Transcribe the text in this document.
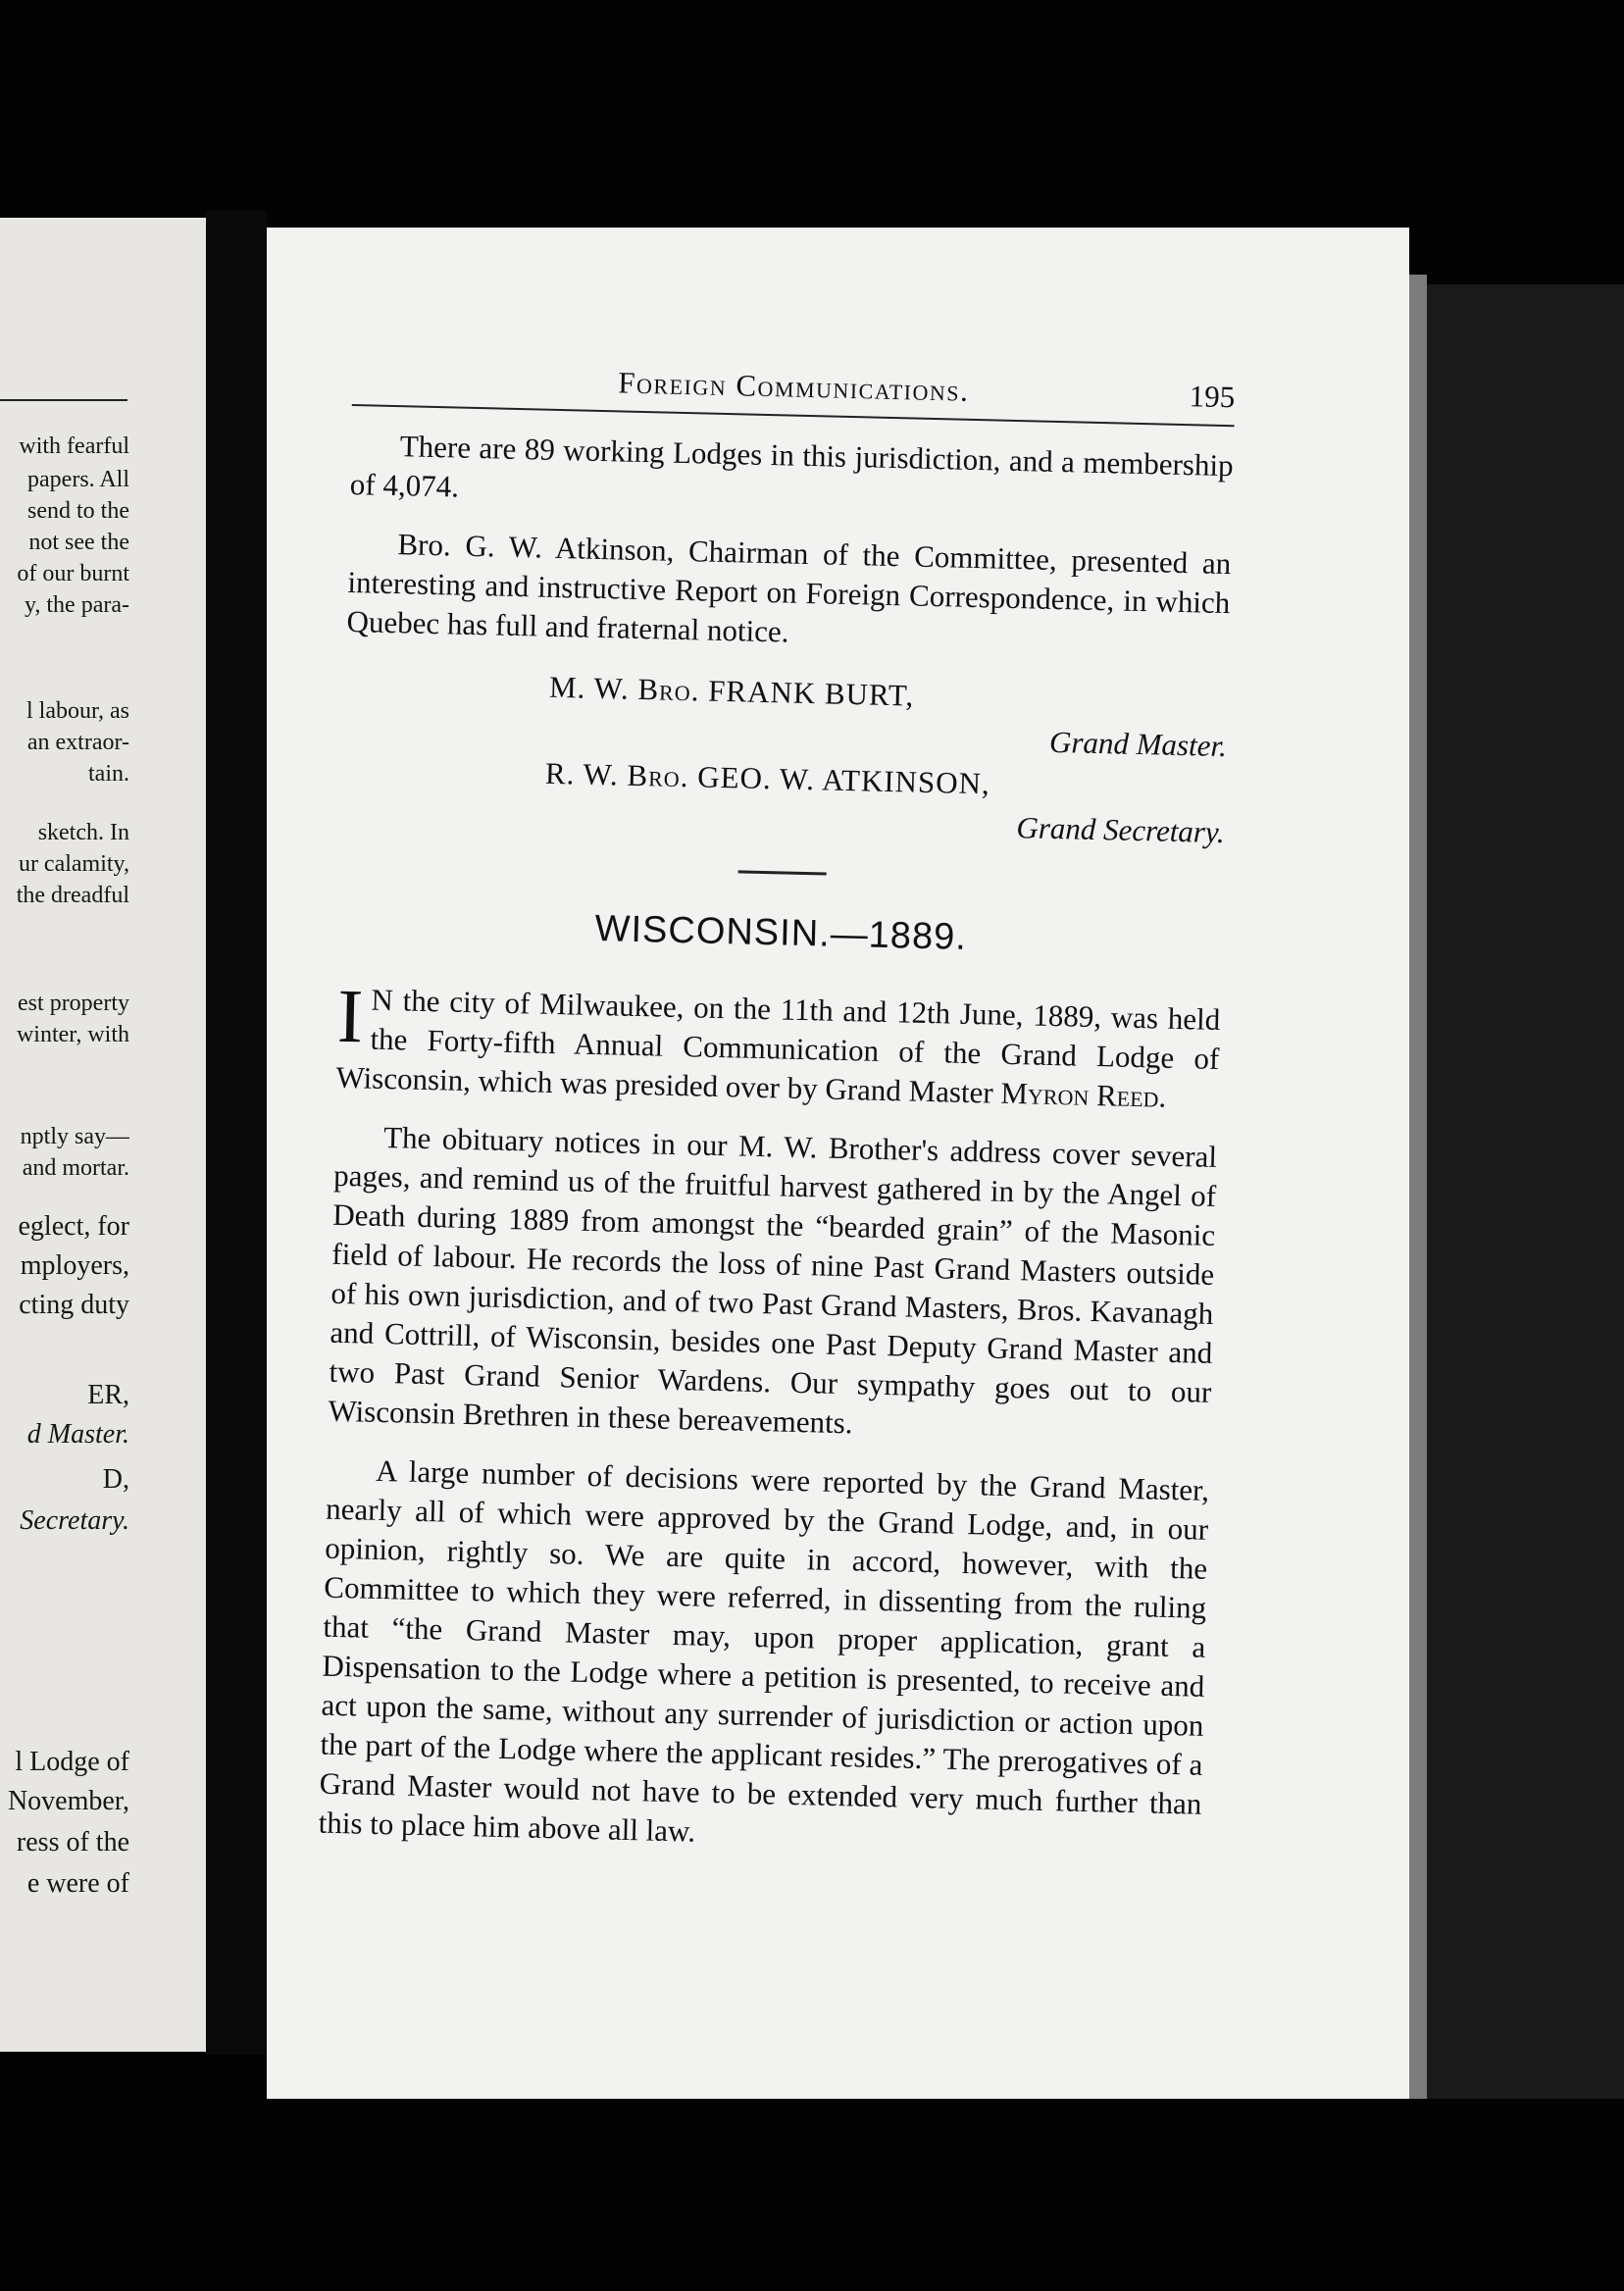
with fearful
papers. All
send to the
not see the
of our burnt
y, the para-
l labour, as
an extraor-
tain.
sketch. In
ur calamity,
the dreadful
est property
winter, with
nptly say—
and mortar.
eglect, for
mployers,
cting duty
ER,
d Master.
D,
Secretary.
l Lodge of
November,
ress of the
e were of
Foreign Communications.	195

There are 89 working Lodges in this jurisdiction, and a membership of 4,074.

Bro. G. W. Atkinson, Chairman of the Committee, presented an interesting and instructive Report on Foreign Correspondence, in which Quebec has full and fraternal notice.

M. W. Bro. FRANK BURT,
Grand Master.
R. W. Bro. GEO. W. ATKINSON,
Grand Secretary.
WISCONSIN.—1889.

I N the city of Milwaukee, on the 11th and 12th June, 1889, was held the Forty-fifth Annual Communication of the Grand Lodge of Wisconsin, which was presided over by Grand Master Myron Reed.

The obituary notices in our M. W. Brother's address cover several pages, and remind us of the fruitful harvest gathered in by the Angel of Death during 1889 from amongst the “bearded grain” of the Masonic field of labour. He records the loss of nine Past Grand Masters outside of his own jurisdiction, and of two Past Grand Masters, Bros. Kavanagh and Cottrill, of Wisconsin, besides one Past Deputy Grand Master and two Past Grand Senior Wardens. Our sympathy goes out to our Wisconsin Brethren in these bereavements.

A large number of decisions were reported by the Grand Master, nearly all of which were approved by the Grand Lodge, and, in our opinion, rightly so. We are quite in accord, however, with the Committee to which they were referred, in dissenting from the ruling that “the Grand Master may, upon proper application, grant a Dispensation to the Lodge where a petition is presented, to receive and act upon the same, without any surrender of jurisdiction or action upon the part of the Lodge where the applicant resides.” The prerogatives of a Grand Master would not have to be extended very much further than this to place him above all law.
